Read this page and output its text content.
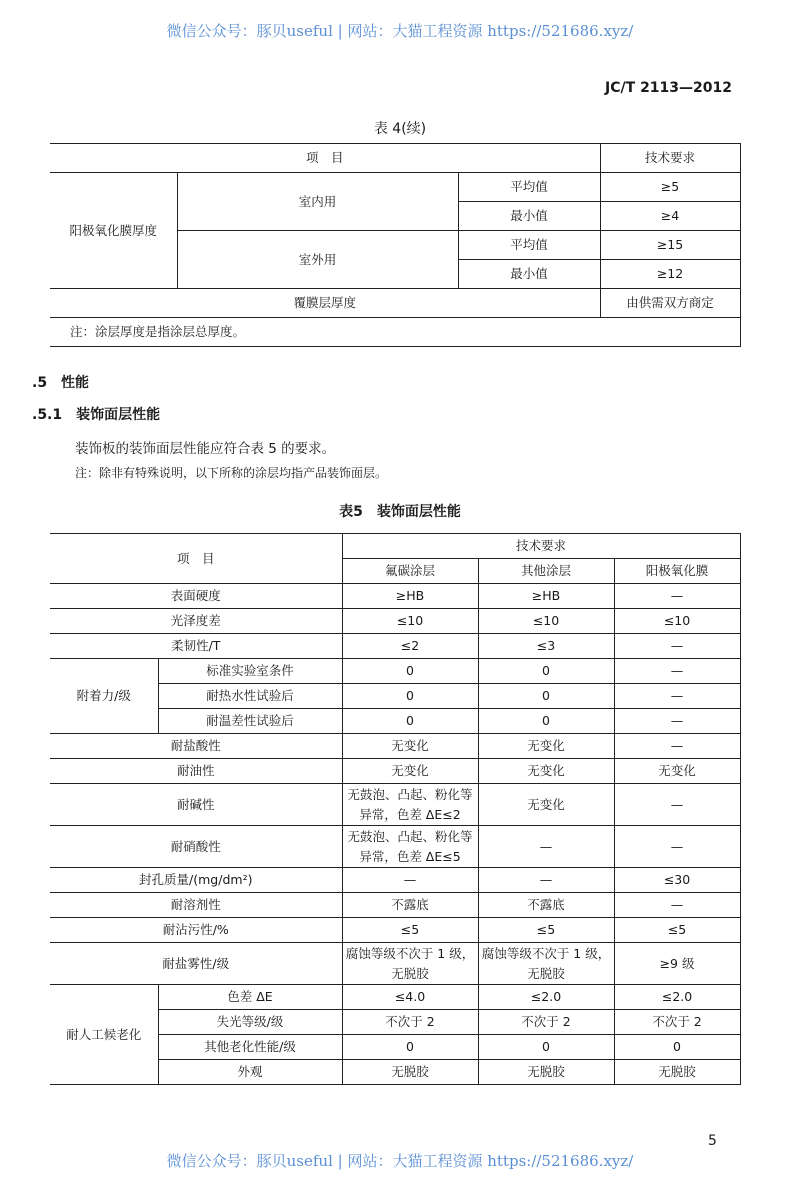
微信公众号：豚贝useful | 网站：大猫工程资源 https://521686.xyz/
JC/T 2113—2012
表 4(续)
项　目			技术要求
阳极氧化膜厚度	室内用	平均值	≥5
		最小值	≥4
	室外用	平均值	≥15
		最小值	≥12
覆膜层厚度			由供需双方商定
注：涂层厚度是指涂层总厚度。			
.5　性能
.5.1　装饰面层性能
装饰板的装饰面层性能应符合表 5 的要求。
注：除非有特殊说明，以下所称的涂层均指产品装饰面层。
表5　装饰面层性能
项　目		技术要求		
		氟碳涂层	其他涂层	阳极氧化膜
表面硬度		≥HB	≥HB	—
光泽度差		≤10	≤10	≤10
柔韧性/T		≤2	≤3	—
附着力/级	标准实验室条件	0	0	—
	耐热水性试验后	0	0	—
	耐温差性试验后	0	0	—
耐盐酸性		无变化	无变化	—
耐油性		无变化	无变化	无变化
耐碱性		无鼓泡、凸起、粉化等异常，色差 ΔE≤2	无变化	—
耐硝酸性		无鼓泡、凸起、粉化等异常，色差 ΔE≤5	—	—
封孔质量/(mg/dm²)		—	—	≤30
耐溶剂性		不露底	不露底	—
耐沾污性/%		≤5	≤5	≤5
耐盐雾性/级		腐蚀等级不次于 1 级，无脱胶	腐蚀等级不次于 1 级，无脱胶	≥9 级
耐人工候老化	色差 ΔE	≤4.0	≤2.0	≤2.0
	失光等级/级	不次于 2	不次于 2	不次于 2
	其他老化性能/级	0	0	0
	外观	无脱胶	无脱胶	无脱胶
5
微信公众号：豚贝useful | 网站：大猫工程资源 https://521686.xyz/
